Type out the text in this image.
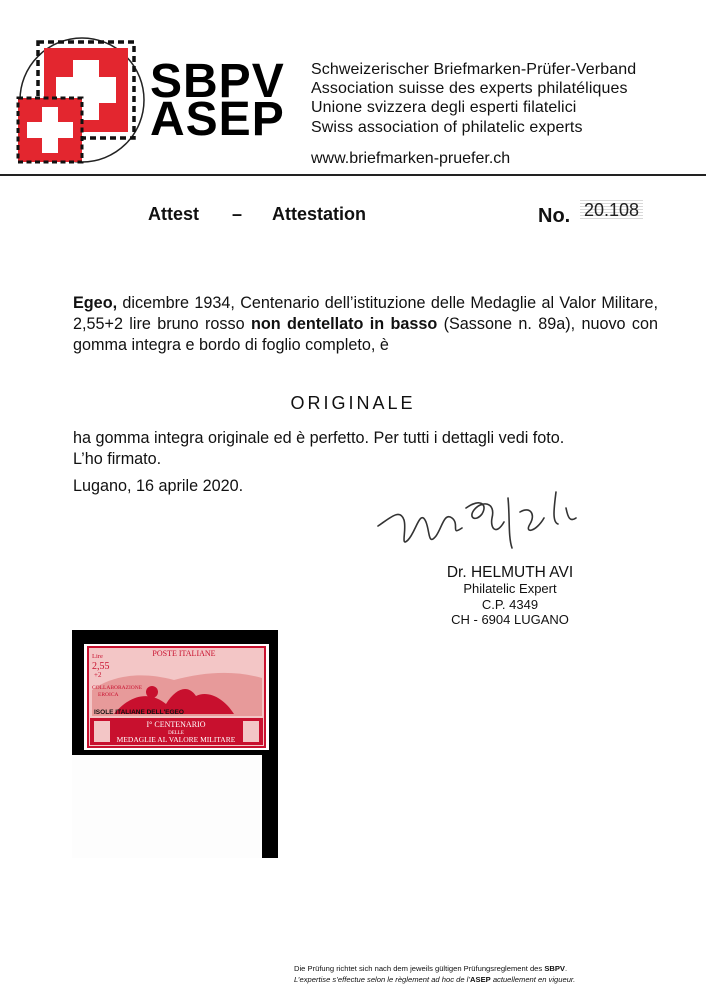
SBPV
ASEP
Schweizerischer Briefmarken-Prüfer-Verband
Association suisse des experts philatéliques
Unione svizzera degli esperti filatelici
Swiss association of philatelic experts
www.briefmarken-pruefer.ch
Attest – Attestation	No. 20.108
Egeo, dicembre 1934, Centenario dell’istituzione delle Medaglie al Valor Militare, 2,55+2 lire bruno rosso non dentellato in basso (Sassone n. 89a), nuovo con gomma integra e bordo di foglio completo, è
ORIGINALE
ha gomma integra originale ed è perfetto. Per tutti i dettagli vedi foto.
L’ho firmato.
Lugano, 16 aprile 2020.
Dr. HELMUTH AVI
Philatelic Expert
C.P. 4349
CH - 6904 LUGANO
POSTE ITALIANE
Lire
2,55
+2
COLLABORAZIONE
EROICA
ISOLE ITALIANE DELL'EGEO
I° CENTENARIO
DELLE
MEDAGLIE AL VALORE MILITARE
Die Prüfung richtet sich nach dem jeweils gültigen Prüfungsreglement des SBPV.
L’expertise s’effectue selon le règlement ad hoc de l’ASEP actuellement en vigueur.
